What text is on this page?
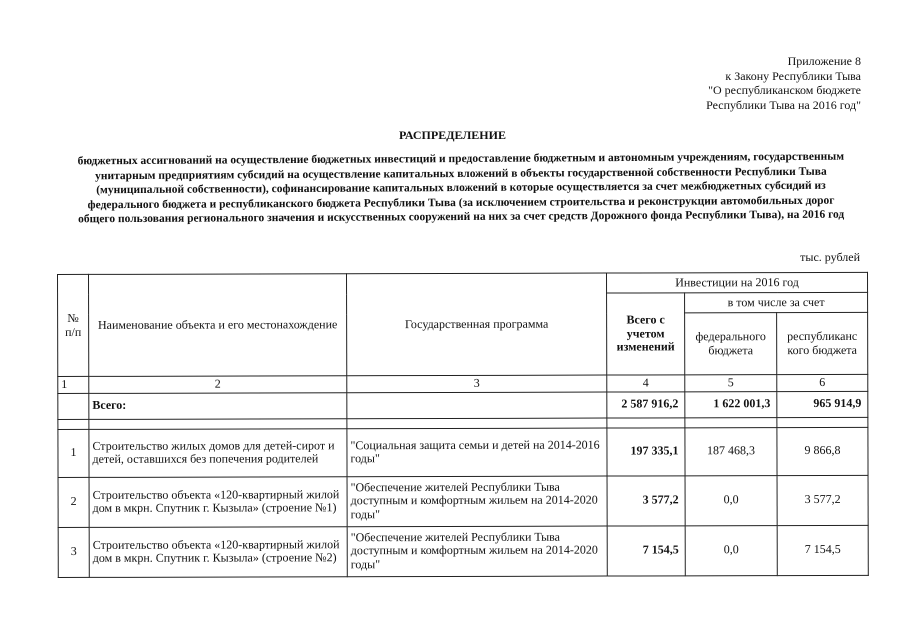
Приложение 8
к Закону Республики Тыва
"О республиканском бюджете
Республики Тыва на 2016 год"
РАСПРЕДЕЛЕНИЕ
бюджетных ассигнований на осуществление бюджетных инвестиций и предоставление бюджетным и автономным учреждениям, государственным унитарным предприятиям субсидий на осуществление капитальных вложений в объекты государственной собственности Республики Тыва (муниципальной собственности), софинансирование капитальных вложений в которые осуществляется за счет межбюджетных субсидий из федерального бюджета и республиканского бюджета Республики Тыва (за исключением строительства и реконструкции автомобильных дорог общего пользования регионального значения и искусственных сооружений на них за счет средств Дорожного фонда Республики Тыва), на 2016 год
тыс. рублей
№ п/п	Наименование объекта и его местонахождение	Государственная программа	Инвестиции на 2016 год		
			Всего с учетом изменений	в том числе за счет	
				федерального бюджета	республиканс кого бюджета
1	2	3	4	5	6
	Всего:		2 587 916,2	1 622 001,3	965 914,9

1	Строительство жилых домов для детей-сирот и детей, оставшихся без попечения родителей	"Социальная защита семьи и детей на 2014-2016 годы"	197 335,1	187 468,3	9 866,8
2	Строительство объекта «120-квартирный жилой дом в мкрн. Спутник г. Кызыла» (строение №1)	"Обеспечение жителей Республики Тыва доступным и комфортным жильем на 2014-2020 годы"	3 577,2	0,0	3 577,2
3	Строительство объекта «120-квартирный жилой дом в мкрн. Спутник г. Кызыла» (строение №2)	"Обеспечение жителей Республики Тыва доступным и комфортным жильем на 2014-2020 годы"	7 154,5	0,0	7 154,5
